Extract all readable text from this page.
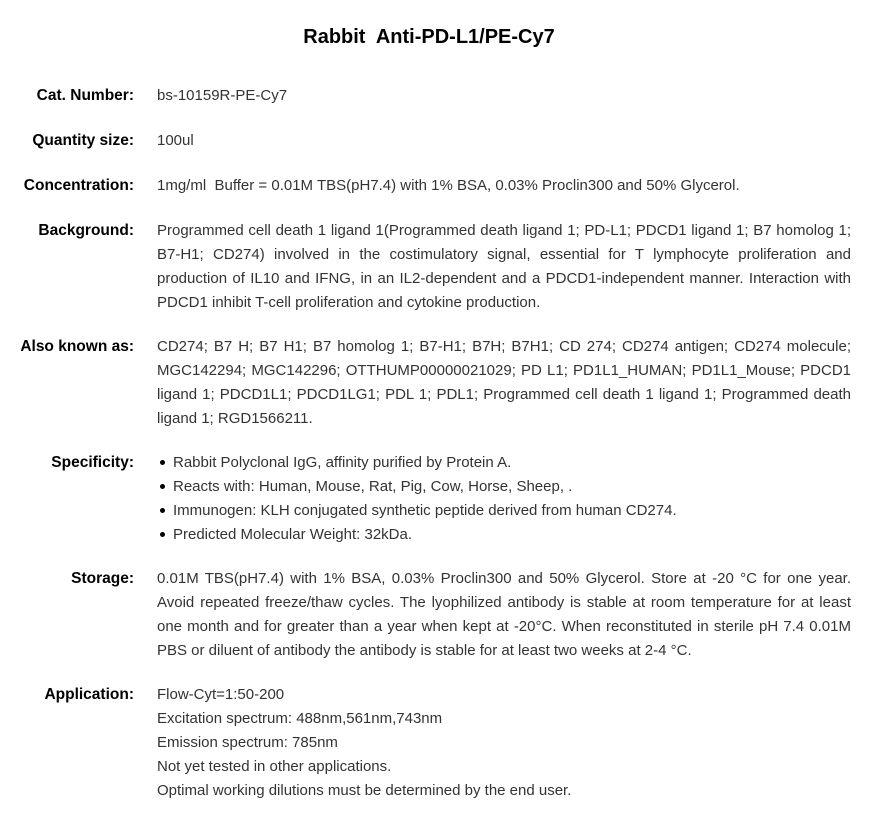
Rabbit  Anti-PD-L1/PE-Cy7
Cat. Number: bs-10159R-PE-Cy7
Quantity size: 100ul
Concentration: 1mg/ml  Buffer = 0.01M TBS(pH7.4) with 1% BSA, 0.03% Proclin300 and 50% Glycerol.
Background: Programmed cell death 1 ligand 1(Programmed death ligand 1; PD-L1; PDCD1 ligand 1; B7 homolog 1; B7-H1; CD274) involved in the costimulatory signal, essential for T lymphocyte proliferation and production of IL10 and IFNG, in an IL2-dependent and a PDCD1-independent manner. Interaction with PDCD1 inhibit T-cell proliferation and cytokine production.
Also known as: CD274; B7 H; B7 H1; B7 homolog 1; B7-H1; B7H; B7H1; CD 274; CD274 antigen; CD274 molecule; MGC142294; MGC142296; OTTHUMP00000021029; PD L1; PD1L1_HUMAN; PD1L1_Mouse; PDCD1 ligand 1; PDCD1L1; PDCD1LG1; PDL 1; PDL1; Programmed cell death 1 ligand 1; Programmed death ligand 1; RGD1566211.
Specificity:	Rabbit Polyclonal IgG, affinity purified by Protein A.
Reacts with: Human, Mouse, Rat, Pig, Cow, Horse, Sheep, .
Immunogen: KLH conjugated synthetic peptide derived from human CD274.
Predicted Molecular Weight: 32kDa.
Storage: 0.01M TBS(pH7.4) with 1% BSA, 0.03% Proclin300 and 50% Glycerol. Store at -20 °C for one year. Avoid repeated freeze/thaw cycles. The lyophilized antibody is stable at room temperature for at least one month and for greater than a year when kept at -20°C. When reconstituted in sterile pH 7.4 0.01M PBS or diluent of antibody the antibody is stable for at least two weeks at 2-4 °C.
Application: Flow-Cyt=1:50-200
Excitation spectrum: 488nm,561nm,743nm
Emission spectrum: 785nm
Not yet tested in other applications.
Optimal working dilutions must be determined by the end user.
